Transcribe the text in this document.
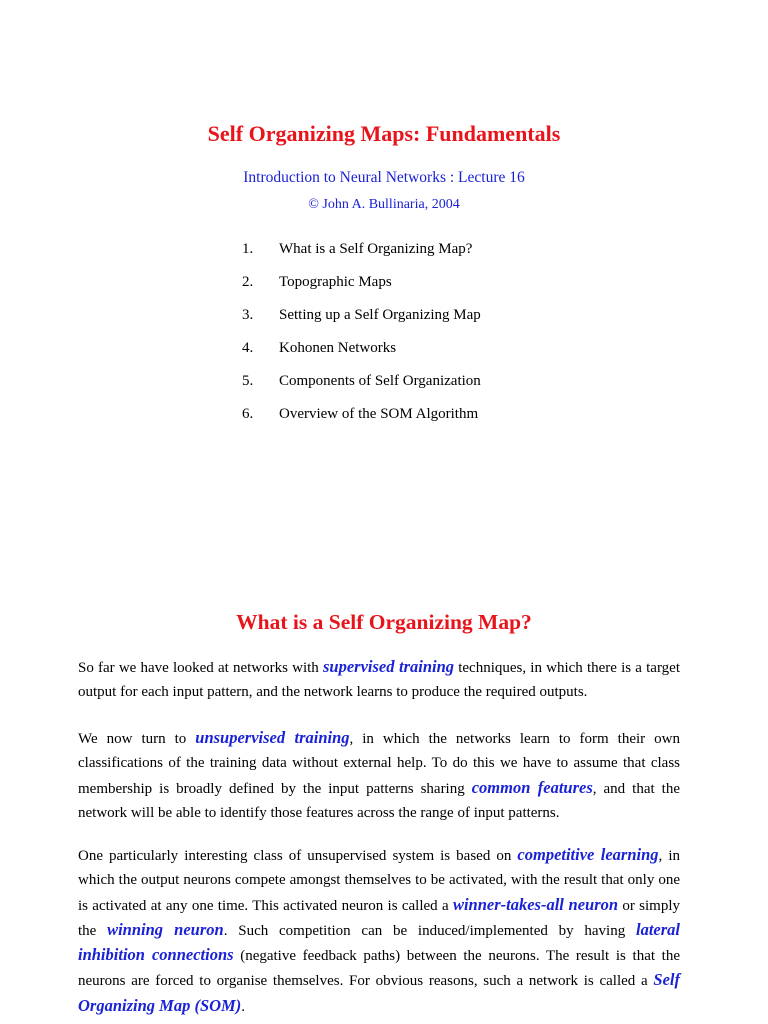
Self Organizing Maps: Fundamentals
Introduction to Neural Networks : Lecture 16
© John A. Bullinaria, 2004
1. What is a Self Organizing Map?
2. Topographic Maps
3. Setting up a Self Organizing Map
4. Kohonen Networks
5. Components of Self Organization
6. Overview of the SOM Algorithm
What is a Self Organizing Map?

So far we have looked at networks with supervised training techniques, in which there is a target output for each input pattern, and the network learns to produce the required outputs.

We now turn to unsupervised training, in which the networks learn to form their own classifications of the training data without external help. To do this we have to assume that class membership is broadly defined by the input patterns sharing common features, and that the network will be able to identify those features across the range of input patterns.

One particularly interesting class of unsupervised system is based on competitive learning, in which the output neurons compete amongst themselves to be activated, with the result that only one is activated at any one time. This activated neuron is called a winner-takes-all neuron or simply the winning neuron. Such competition can be induced/implemented by having lateral inhibition connections (negative feedback paths) between the neurons. The result is that the neurons are forced to organise themselves. For obvious reasons, such a network is called a Self Organizing Map (SOM).
